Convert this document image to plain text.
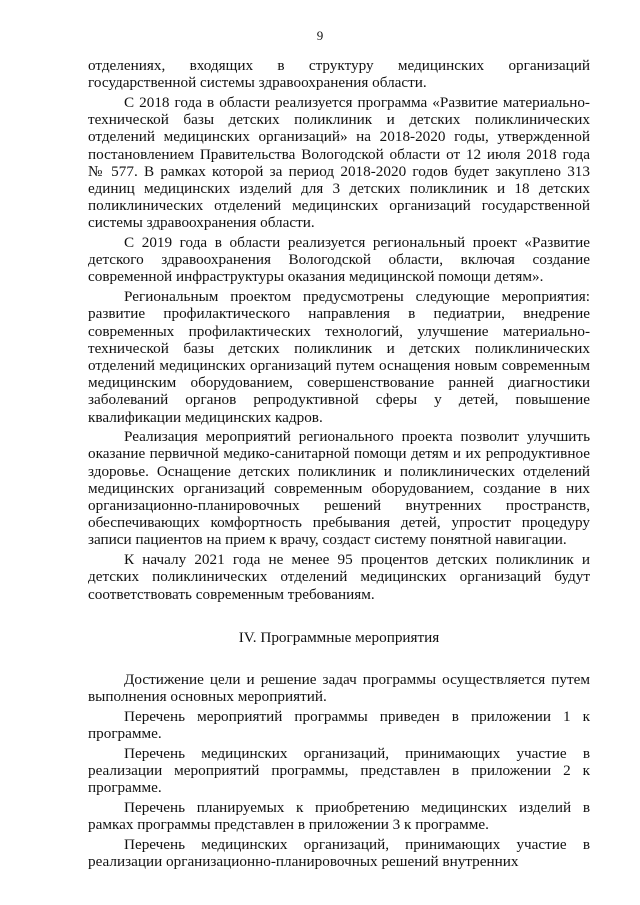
9

отделениях, входящих в структуру медицинских организаций государственной системы здравоохранения области.

С 2018 года в области реализуется программа «Развитие материально-технической базы детских поликлиник и детских поликлинических отделений медицинских организаций» на 2018-2020 годы, утвержденной постановлением Правительства Вологодской области от 12 июля 2018 года № 577. В рамках которой за период 2018-2020 годов будет закуплено 313 единиц медицинских изделий для 3 детских поликлиник и 18 детских поликлинических отделений медицинских организаций государственной системы здравоохранения области.

С 2019 года в области реализуется региональный проект «Развитие детского здравоохранения Вологодской области, включая создание современной инфраструктуры оказания медицинской помощи детям».

Региональным проектом предусмотрены следующие мероприятия: развитие профилактического направления в педиатрии, внедрение современных профилактических технологий, улучшение материально-технической базы детских поликлиник и детских поликлинических отделений медицинских организаций путем оснащения новым современным медицинским оборудованием, совершенствование ранней диагностики заболеваний органов репродуктивной сферы у детей, повышение квалификации медицинских кадров.

Реализация мероприятий регионального проекта позволит улучшить оказание первичной медико-санитарной помощи детям и их репродуктивное здоровье. Оснащение детских поликлиник и поликлинических отделений медицинских организаций современным оборудованием, создание в них организационно-планировочных решений внутренних пространств, обеспечивающих комфортность пребывания детей, упростит процедуру записи пациентов на прием к врачу, создаст систему понятной навигации.

К началу 2021 года не менее 95 процентов детских поликлиник и детских поликлинических отделений медицинских организаций будут соответствовать современным требованиям.

IV. Программные мероприятия

Достижение цели и решение задач программы осуществляется путем выполнения основных мероприятий.

Перечень мероприятий программы приведен в приложении 1 к программе.

Перечень медицинских организаций, принимающих участие в реализации мероприятий программы, представлен в приложении 2 к программе.

Перечень планируемых к приобретению медицинских изделий в рамках программы представлен в приложении 3 к программе.

Перечень медицинских организаций, принимающих участие в реализации организационно-планировочных решений внутренних
